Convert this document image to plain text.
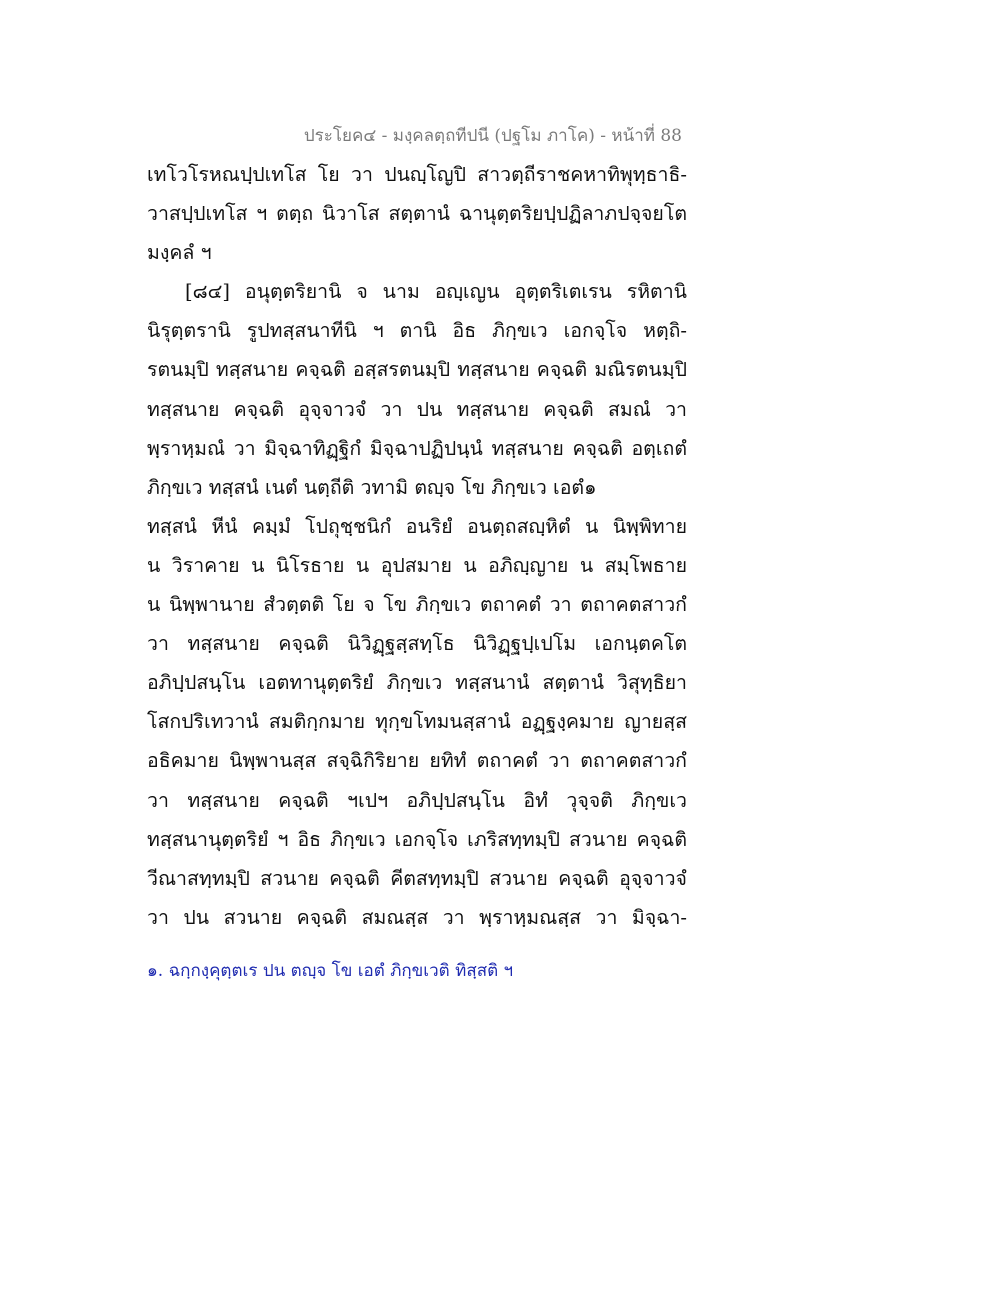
ประโยค๔ - มงฺคลตฺถทีปนี (ปฐโม ภาโค) - หน้าที่ 88
เทโวโรหณปฺปเทโส โย วา ปนญฺโญปิ สาวตฺถีราชคหาทิพุทฺธาธิ-
วาสปฺปเทโส ฯ ตตฺถ นิวาโส สตฺตานํ ฉานุตฺตริยปฺปฏิลาภปจฺจยโต
มงฺคลํ ฯ
[๘๔] อนุตฺตริยานิ จ นาม อญฺเญน อุตฺตริเตเรน รหิตานิ
นิรุตฺตรานิ รูปทสฺสนาทีนิ ฯ ตานิ อิธ ภิกฺขเว เอกจฺโจ หตฺถิ-
รตนมฺปิ ทสฺสนาย คจฺฉติ อสฺสรตนมฺปิ ทสฺสนาย คจฺฉติ มณิรตนมฺปิ
ทสฺสนาย คจฺฉติ อุจฺจาวจํ วา ปน ทสฺสนาย คจฺฉติ สมณํ วา
พฺราหฺมณํ วา มิจฺฉาทิฏฺฐิกํ มิจฺฉาปฏิปนฺนํ ทสฺสนาย คจฺฉติ อตฺเถตํ
ภิกฺขเว ทสฺสนํ เนตํ นตฺถีติ วทามิ ตญฺจ โข ภิกฺขเว เอตํ๑
ทสฺสนํ หีนํ คมฺมํ โปถุชฺชนิกํ อนริยํ อนตฺถสญฺหิตํ น นิพฺพิทาย
น วิราคาย น นิโรธาย น อุปสมาย น อภิญฺญาย น สมฺโพธาย
น นิพฺพานาย สํวตฺตติ โย จ โข ภิกฺขเว ตถาคตํ วา ตถาคตสาวกํ
วา ทสฺสนาย คจฺฉติ นิวิฏฺฐสฺสทฺโธ นิวิฏฺฐปฺเปโม เอกนฺตคโต
อภิปฺปสนฺโน เอตทานุตฺตริยํ ภิกฺขเว ทสฺสนานํ สตฺตานํ วิสุทฺธิยา
โสกปริเทวานํ สมติกฺกมาย ทุกฺขโทมนสฺสานํ อฏฺฐงฺคมาย ญายสฺส
อธิคมาย นิพฺพานสฺส สจฺฉิกิริยาย ยทิทํ ตถาคตํ วา ตถาคตสาวกํ
วา ทสฺสนาย คจฺฉติ ฯเปฯ อภิปฺปสนฺโน อิทํ วุจฺจติ ภิกฺขเว
ทสฺสนานุตฺตริยํ ฯ อิธ ภิกฺขเว เอกจฺโจ เภริสทฺทมฺปิ สวนาย คจฺฉติ
วีณาสทฺทมฺปิ สวนาย คจฺฉติ คีตสทฺทมฺปิ สวนาย คจฺฉติ อุจฺจาวจํ
วา ปน สวนาย คจฺฉติ สมณสฺส วา พฺราหฺมณสฺส วา มิจฺฉา-
๑. ฉกฺกงฺคุตฺตเร ปน ตญฺจ โข เอตํ ภิกฺขเวติ ทิสฺสติ ฯ
